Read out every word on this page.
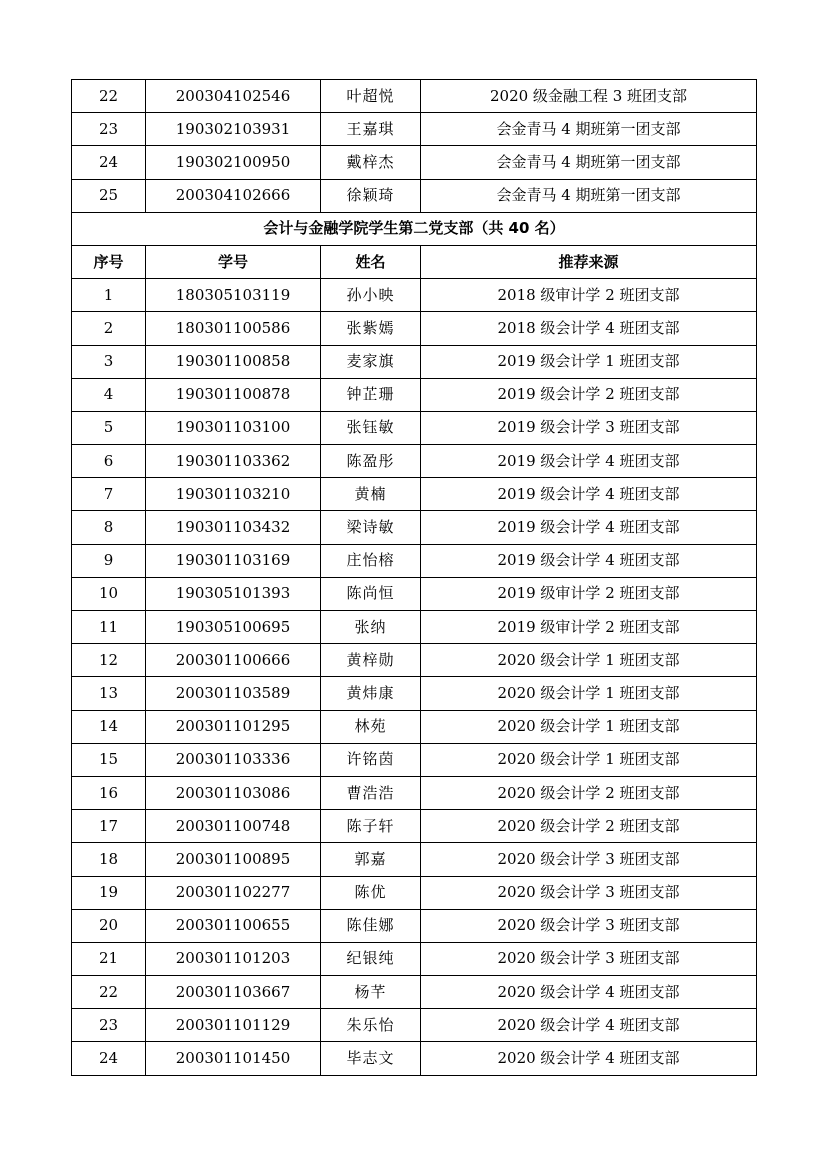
22	200304102546	叶超悦	2020 级金融工程 3 班团支部
23	190302103931	王嘉琪	会金青马 4 期班第一团支部
24	190302100950	戴梓杰	会金青马 4 期班第一团支部
25	200304102666	徐颖琦	会金青马 4 期班第一团支部
会计与金融学院学生第二党支部（共 40 名）			
序号	学号	姓名	推荐来源
1	180305103119	孙小映	2018 级审计学 2 班团支部
2	180301100586	张紫嫣	2018 级会计学 4 班团支部
3	190301100858	麦家旗	2019 级会计学 1 班团支部
4	190301100878	钟芷珊	2019 级会计学 2 班团支部
5	190301103100	张钰敏	2019 级会计学 3 班团支部
6	190301103362	陈盈彤	2019 级会计学 4 班团支部
7	190301103210	黄楠	2019 级会计学 4 班团支部
8	190301103432	梁诗敏	2019 级会计学 4 班团支部
9	190301103169	庄怡榕	2019 级会计学 4 班团支部
10	190305101393	陈尚恒	2019 级审计学 2 班团支部
11	190305100695	张纳	2019 级审计学 2 班团支部
12	200301100666	黄梓勋	2020 级会计学 1 班团支部
13	200301103589	黄炜康	2020 级会计学 1 班团支部
14	200301101295	林苑	2020 级会计学 1 班团支部
15	200301103336	许铭茵	2020 级会计学 1 班团支部
16	200301103086	曹浩浩	2020 级会计学 2 班团支部
17	200301100748	陈子轩	2020 级会计学 2 班团支部
18	200301100895	郭嘉	2020 级会计学 3 班团支部
19	200301102277	陈优	2020 级会计学 3 班团支部
20	200301100655	陈佳娜	2020 级会计学 3 班团支部
21	200301101203	纪银纯	2020 级会计学 3 班团支部
22	200301103667	杨芊	2020 级会计学 4 班团支部
23	200301101129	朱乐怡	2020 级会计学 4 班团支部
24	200301101450	毕志文	2020 级会计学 4 班团支部
